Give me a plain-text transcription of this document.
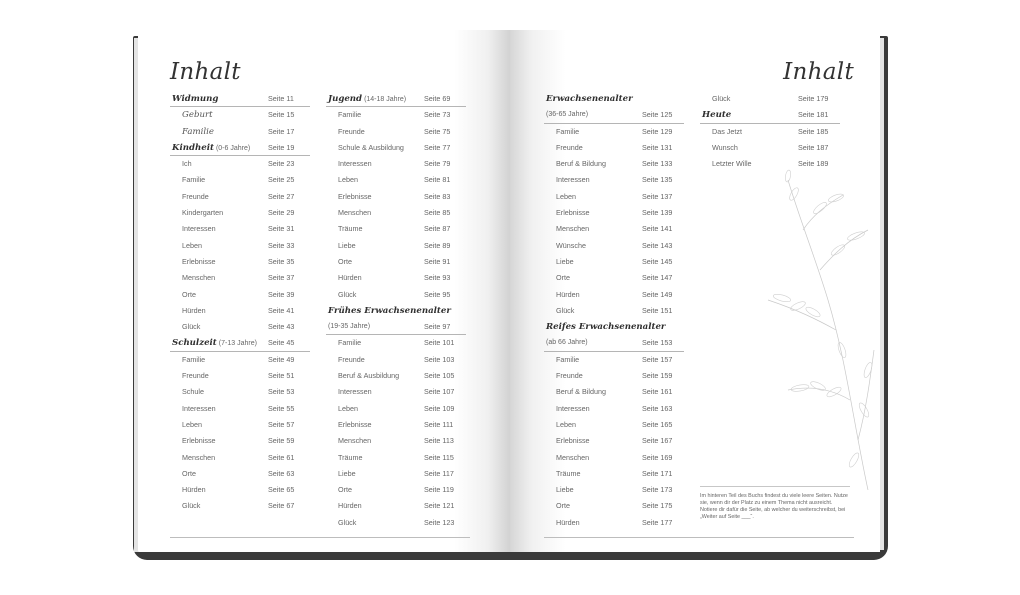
Inhalt
Widmung	Seite 11
Geburt	Seite 15
Familie	Seite 17
Kindheit (0-6 Jahre) Seite 19
Ich	Seite 23
Familie	Seite 25
Freunde	Seite 27
Kindergarten	Seite 29
Interessen	Seite 31
Leben	Seite 33
Erlebnisse	Seite 35
Menschen	Seite 37
Orte	Seite 39
Hürden	Seite 41
Glück	Seite 43
Schulzeit (7-13 Jahre) Seite 45
Familie	Seite 49
Freunde	Seite 51
Schule	Seite 53
Interessen	Seite 55
Leben	Seite 57
Erlebnisse	Seite 59
Menschen	Seite 61
Orte	Seite 63
Hürden	Seite 65
Glück	Seite 67
Jugend (14-18 Jahre) Seite 69
Familie	Seite 73
Freunde	Seite 75
Schule & Ausbildung	Seite 77
Interessen	Seite 79
Leben	Seite 81
Erlebnisse	Seite 83
Menschen	Seite 85
Träume	Seite 87
Liebe	Seite 89
Orte	Seite 91
Hürden	Seite 93
Glück	Seite 95
Frühes Erwachsenenalter
(19-35 Jahre)	Seite 97
Familie	Seite 101
Freunde	Seite 103
Beruf & Ausbildung	Seite 105
Interessen	Seite 107
Leben	Seite 109
Erlebnisse	Seite 111
Menschen	Seite 113
Träume	Seite 115
Liebe	Seite 117
Orte	Seite 119
Hürden	Seite 121
Glück	Seite 123
Inhalt
Erwachsenenalter
(36-65 Jahre)	Seite 125
Familie	Seite 129
Freunde	Seite 131
Beruf & Bildung	Seite 133
Interessen	Seite 135
Leben	Seite 137
Erlebnisse	Seite 139
Menschen	Seite 141
Wünsche	Seite 143
Liebe	Seite 145
Orte	Seite 147
Hürden	Seite 149
Glück	Seite 151
Reifes Erwachsenenalter
(ab 66 Jahre)	Seite 153
Familie	Seite 157
Freunde	Seite 159
Beruf & Bildung	Seite 161
Interessen	Seite 163
Leben	Seite 165
Erlebnisse	Seite 167
Menschen	Seite 169
Träume	Seite 171
Liebe	Seite 173
Orte	Seite 175
Hürden	Seite 177
Glück	Seite 179
Heute	Seite 181
Das Jetzt	Seite 185
Wunsch	Seite 187
Letzter Wille	Seite 189
Im hinteren Teil des Buchs findest du viele leere Seiten. Nutze sie, wenn dir der Platz zu einem Thema nicht ausreicht. Notiere dir dafür die Seite, ab welcher du weiterschreibst, bei „Weiter auf Seite ___“.
